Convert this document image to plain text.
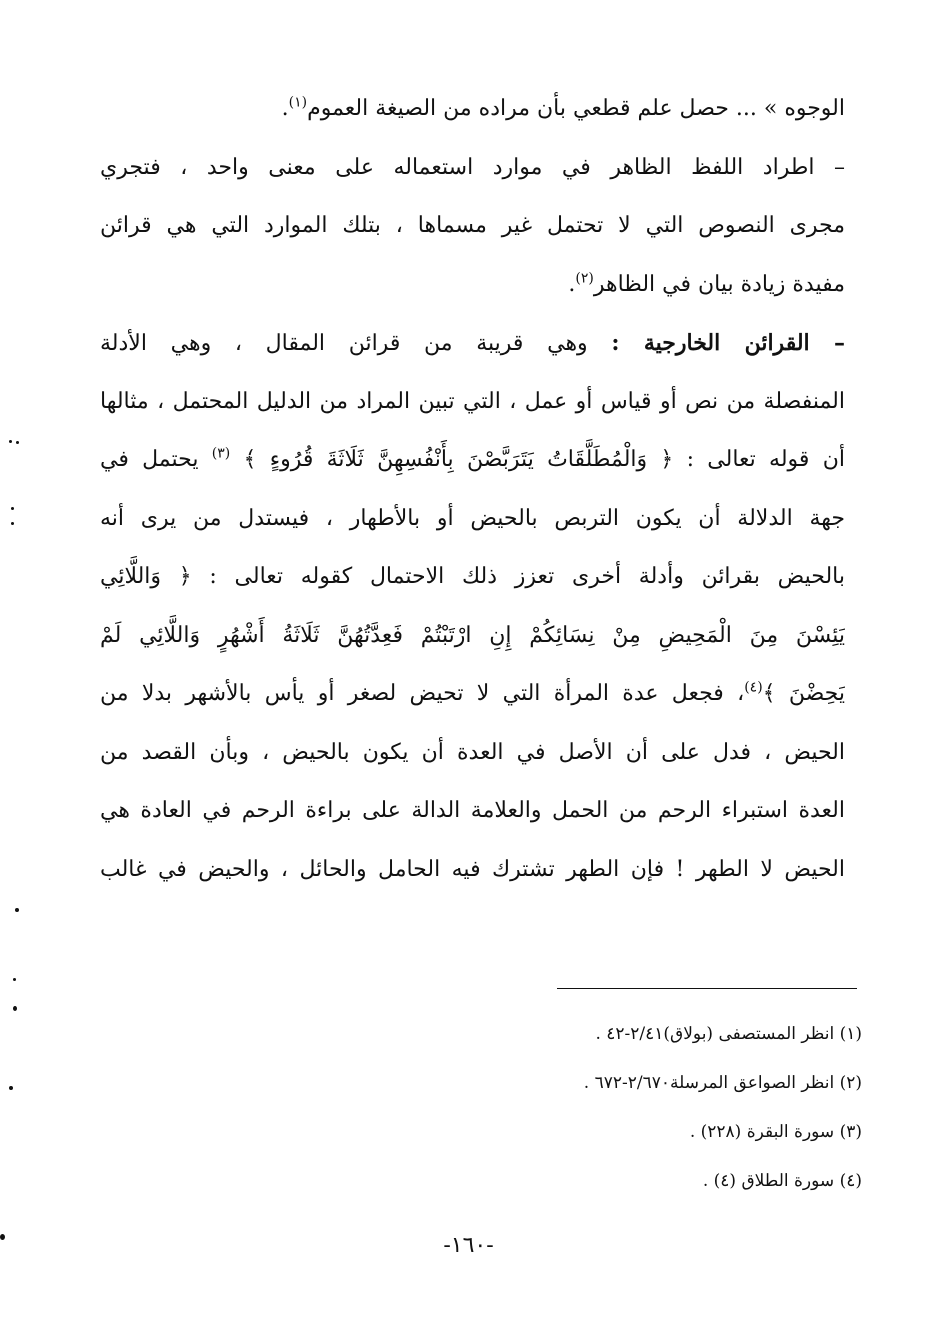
الوجوه » ... حصل علم قطعي بأن مراده من الصيغة العموم$^{(١)}$.
– اطراد اللفظ الظاهر في موارد استعماله على معنى واحد ، فتجري
مجرى النصوص التي لا تحتمل غير مسماها ، بتلك الموارد التي هي قرائن
مفيدة زيادة بيان في الظاهر$^{(٢)}$.
– القرائن الخارجية : وهي قريبة من قرائن المقال ، وهي الأدلة
المنفصلة من نص أو قياس أو عمل ، التي تبين المراد من الدليل المحتمل ، مثالها
أن قوله تعالى : ﴿ وَالْمُطَلَّقَاتُ يَتَرَبَّصْنَ بِأَنْفُسِهِنَّ ثَلَاثَةَ قُرُوءٍ ﴾ $^{(٣)}$ يحتمل في
جهة الدلالة أن يكون التربص بالحيض أو بالأطهار ، فيستدل من يرى أنه
بالحيض بقرائن وأدلة أخرى تعزز ذلك الاحتمال كقوله تعالى : ﴿ وَاللَّائِي
يَئِسْنَ مِنَ الْمَحِيضِ مِنْ نِسَائِكُمْ إِنِ ارْتَبْتُمْ فَعِدَّتُهُنَّ ثَلَاثَةُ أَشْهُرٍ وَاللَّائِي لَمْ
يَحِضْنَ ﴾$^{(٤)}$، فجعل عدة المرأة التي لا تحيض لصغر أو يأس بالأشهر بدلا من
الحيض ، فدل على أن الأصل في العدة أن يكون بالحيض ، وبأن القصد من
العدة استبراء الرحم من الحمل والعلامة الدالة على براءة الرحم في العادة هي
الحيض لا الطهر ! فإن الطهر تشترك فيه الحامل والحائل ، والحيض في غالب
(١) انظر المستصفى (بولاق)٢/٤١-٤٢ .
(٢) انظر الصواعق المرسلة٢/٦٧٠-٦٧٢ .
(٣) سورة البقرة (٢٢٨) .
(٤) سورة الطلاق (٤) .
-١٦٠-
